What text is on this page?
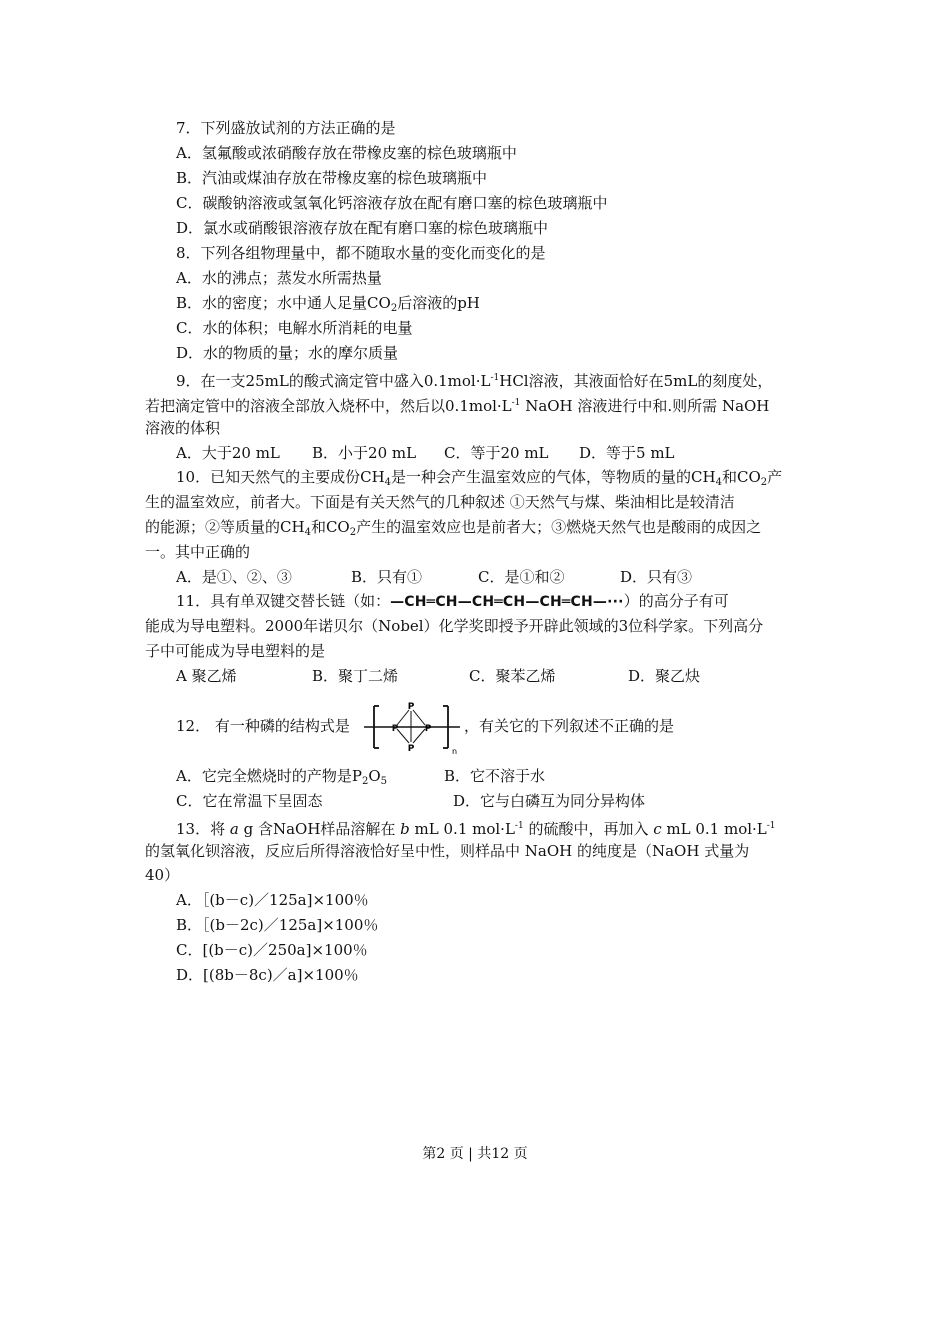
7．下列盛放试剂的方法正确的是
A．氢氟酸或浓硝酸存放在带橡皮塞的棕色玻璃瓶中
B．汽油或煤油存放在带橡皮塞的棕色玻璃瓶中
C．碳酸钠溶液或氢氧化钙溶液存放在配有磨口塞的棕色玻璃瓶中
D．氯水或硝酸银溶液存放在配有磨口塞的棕色玻璃瓶中
8．下列各组物理量中，都不随取水量的变化而变化的是
A．水的沸点；蒸发水所需热量
B．水的密度；水中通人足量$CO_2$后溶液的pH
C．水的体积；电解水所消耗的电量
D．水的物质的量；水的摩尔质量
9．在一支25mL的酸式滴定管中盛入$0.1mol\cdot L^{-1}HCl$溶液，其液面恰好在5mL的刻度处，
若把滴定管中的溶液全部放入烧杯中，然后以$0.1mol\cdot L^{-1}$ NaOH 溶液进行中和.则所需 NaOH
溶液的体积
A．大于20 mL B．小于20 mL C．等于20 mL D．等于5 mL
10．已知天然气的主要成份$CH_4$是一种会产生温室效应的气体，等物质的量的$CH_4$和$CO_2$产
生的温室效应，前者大。下面是有关天然气的几种叙述 ①天然气与煤、柴油相比是较清洁
的能源；②等质量的$CH_4$和$CO_2$产生的温室效应也是前者大；③燃烧天然气也是酸雨的成因之
一。其中正确的
A．是①、②、③	B．只有①	C．是①和②	D．只有③
11．具有单双键交替长链（如：—CH═CH—CH═CH—CH═CH—···）的高分子有可
能成为导电塑料。2000年诺贝尔（Nobel）化学奖即授予开辟此领域的3位科学家。下列高分
子中可能成为导电塑料的是
A 聚乙烯	B．聚丁二烯	C．聚苯乙烯	D．聚乙炔
12． 有一种磷的结构式是
P
P	P
P	n
，有关它的下列叙述不正确的是
A．它完全燃烧时的产物是$P_2O_5$	B．它不溶于水
C．它在常温下呈固态	D．它与白磷互为同分异构体
13．将 a g 含NaOH样品溶解在 b mL 0.1 $mol\cdot L^{-1}$ 的硫酸中，再加入 c mL 0.1 $mol\cdot L^{-1}$
的氢氧化钡溶液，反应后所得溶液恰好呈中性，则样品中 NaOH 的纯度是（NaOH 式量为
40）
A．［(b－c)／125a]×100％
B．［(b－2c)／125a]×100％
C．[(b－c)／250a]×100％
D．[(8b－8c)／a]×100％
第2 页 | 共12 页
